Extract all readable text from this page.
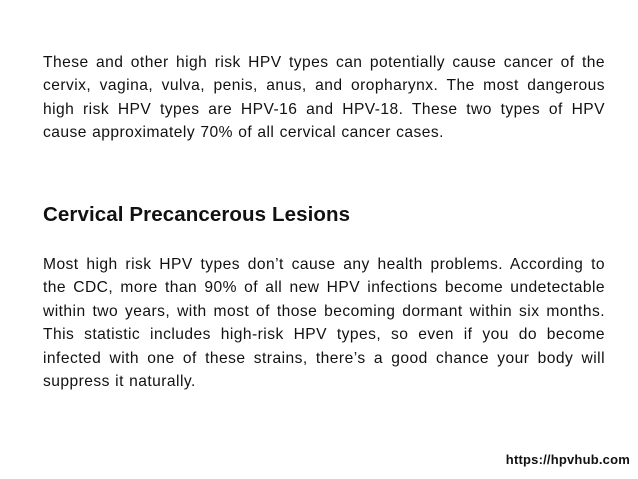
These and other high risk HPV types can potentially cause cancer of the cervix, vagina, vulva, penis, anus, and oropharynx. The most dangerous high risk HPV types are HPV-16 and HPV-18. These two types of HPV cause approximately 70% of all cervical cancer cases.

Cervical Precancerous Lesions

Most high risk HPV types don’t cause any health problems. According to the CDC, more than 90% of all new HPV infections become undetectable within two years, with most of those becoming dormant within six months. This statistic includes high-risk HPV types, so even if you do become infected with one of these strains, there’s a good chance your body will suppress it naturally.

https://hpvhub.com
